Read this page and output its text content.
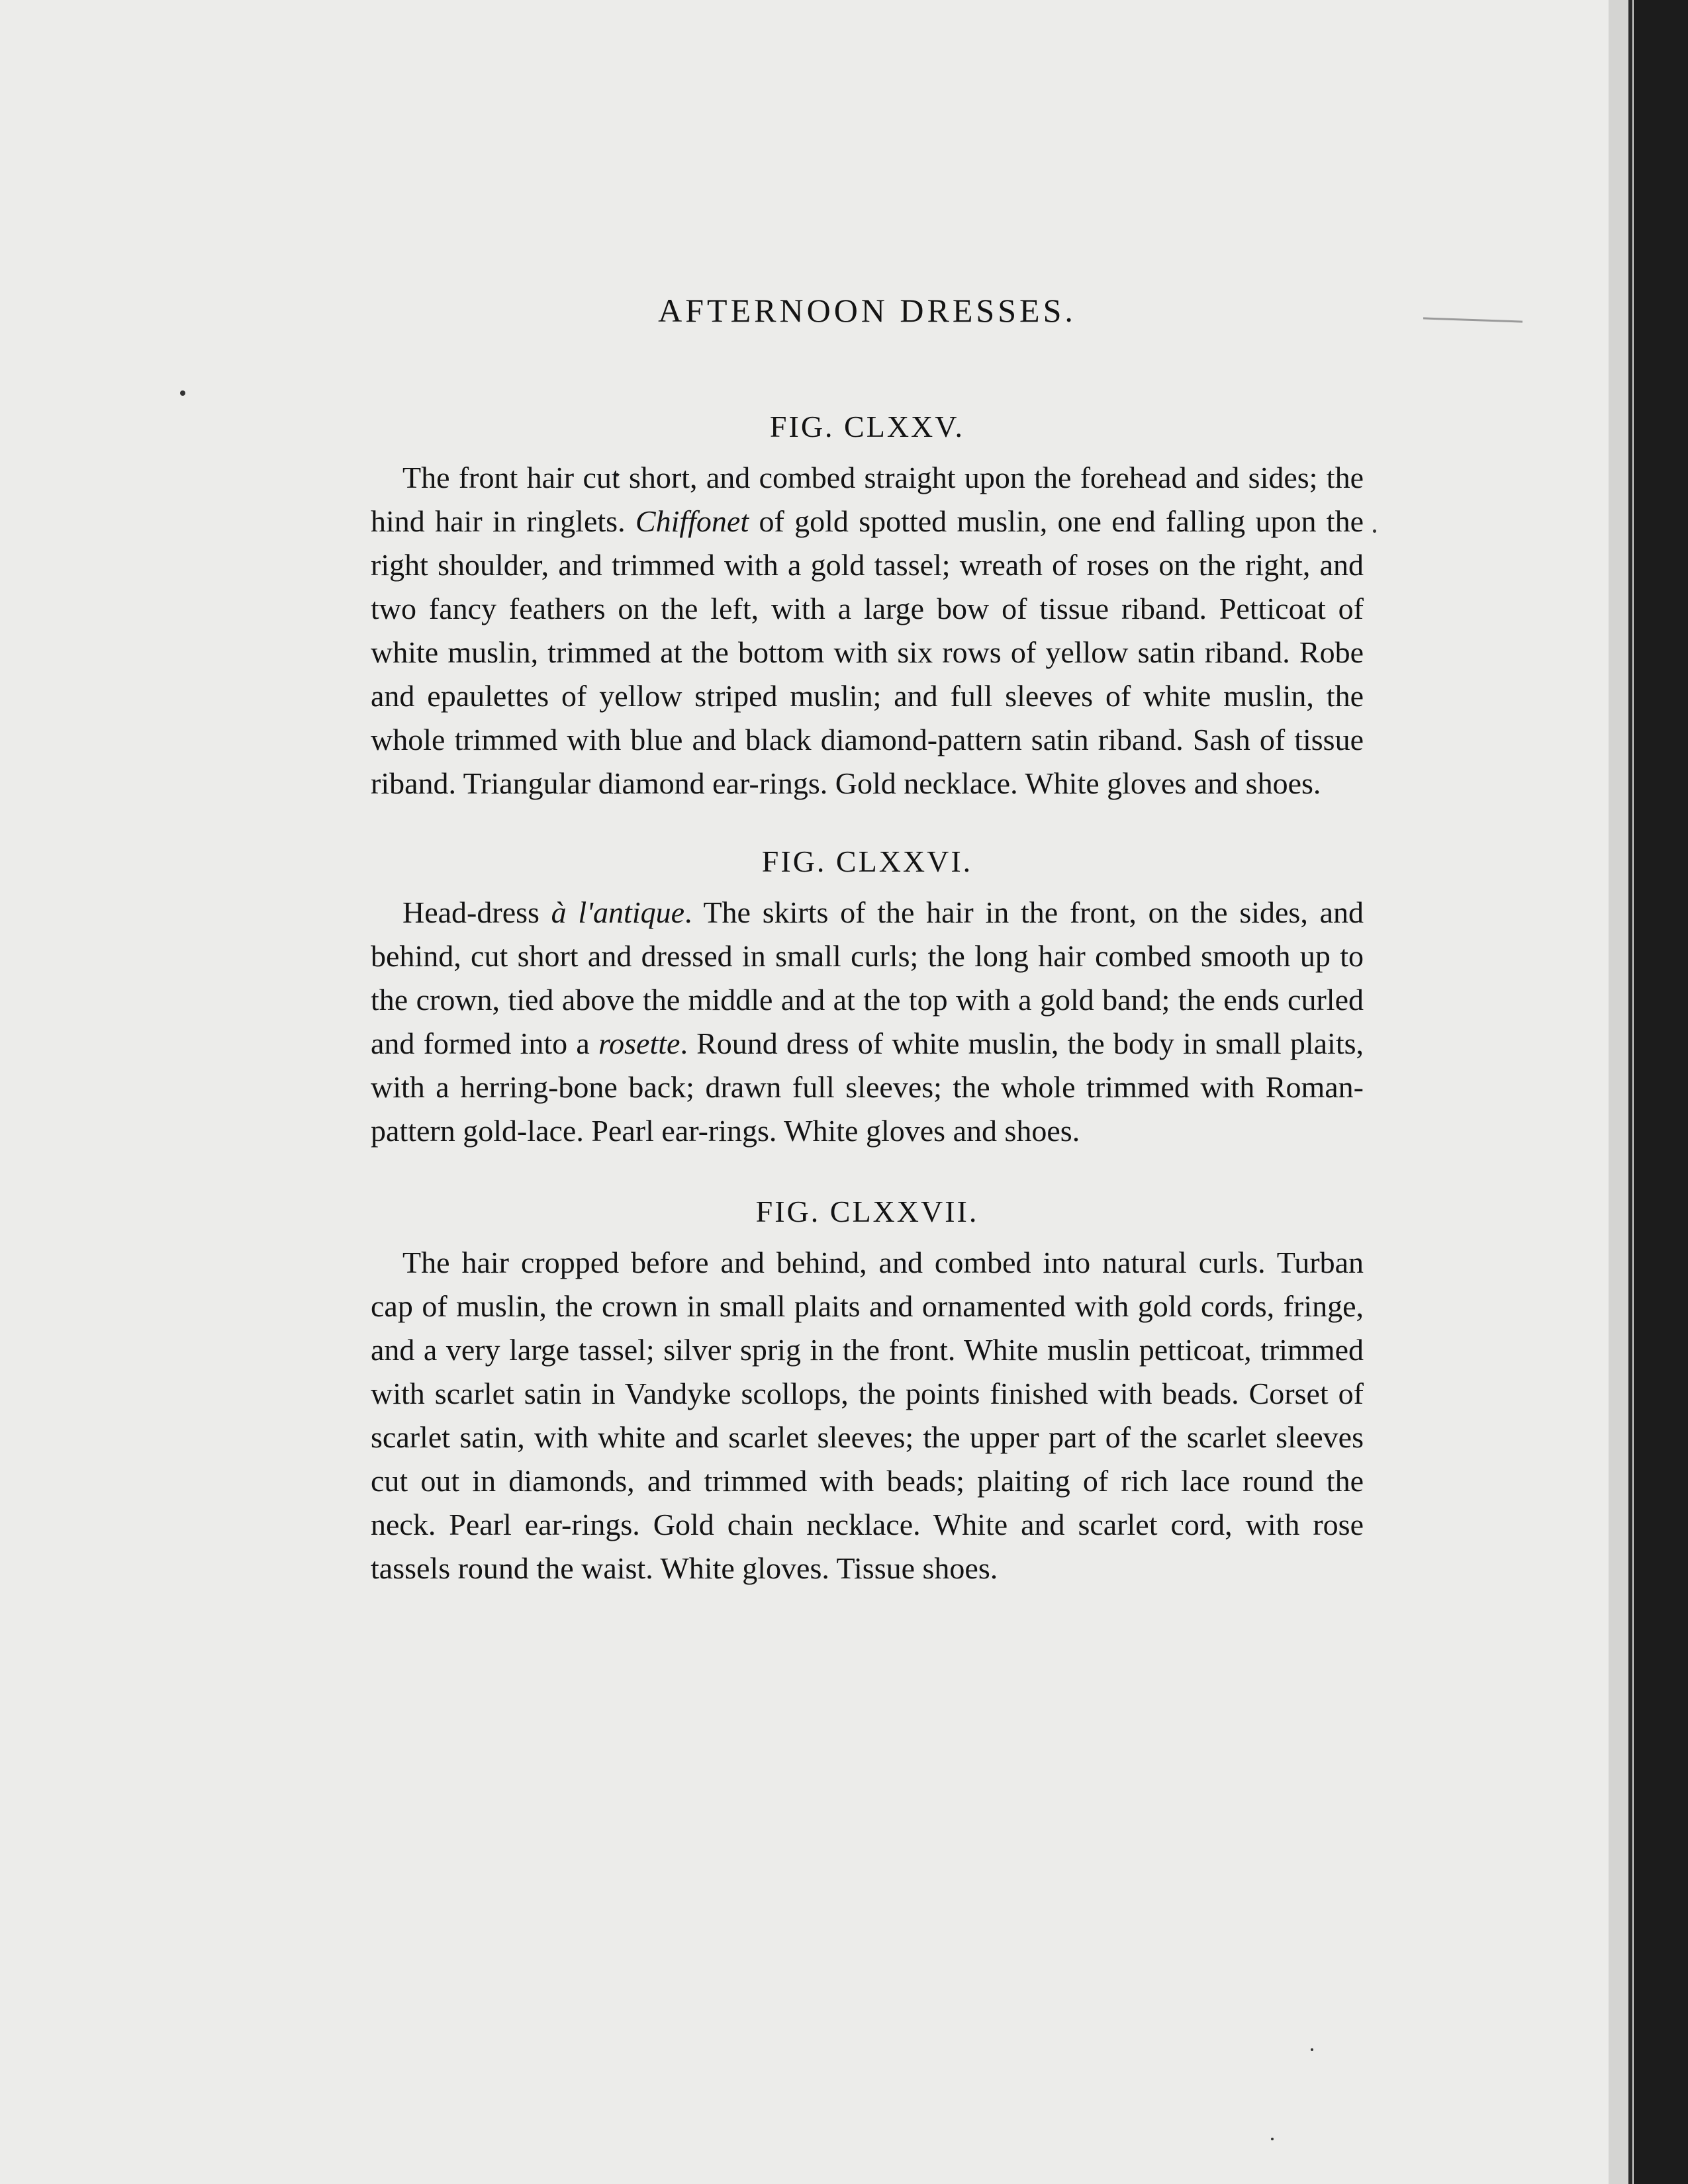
AFTERNOON DRESSES.
FIG. CLXXV.

The front hair cut short, and combed straight upon the forehead and sides; the hind hair in ringlets. Chiffonet of gold spotted muslin, one end falling upon the right shoulder, and trimmed with a gold tassel; wreath of roses on the right, and two fancy feathers on the left, with a large bow of tissue riband. Petticoat of white muslin, trimmed at the bottom with six rows of yellow satin riband. Robe and epaulettes of yellow striped muslin; and full sleeves of white muslin, the whole trimmed with blue and black diamond-pattern satin riband. Sash of tissue riband. Triangular diamond ear-rings. Gold necklace. White gloves and shoes.

FIG. CLXXVI.

Head-dress à l'antique. The skirts of the hair in the front, on the sides, and behind, cut short and dressed in small curls; the long hair combed smooth up to the crown, tied above the middle and at the top with a gold band; the ends curled and formed into a rosette. Round dress of white muslin, the body in small plaits, with a herring-bone back; drawn full sleeves; the whole trimmed with Roman-pattern gold-lace. Pearl ear-rings. White gloves and shoes.

FIG. CLXXVII.

The hair cropped before and behind, and combed into natural curls. Turban cap of muslin, the crown in small plaits and ornamented with gold cords, fringe, and a very large tassel; silver sprig in the front. White muslin petticoat, trimmed with scarlet satin in Vandyke scollops, the points finished with beads. Corset of scarlet satin, with white and scarlet sleeves; the upper part of the scarlet sleeves cut out in diamonds, and trimmed with beads; plaiting of rich lace round the neck. Pearl ear-rings. Gold chain necklace. White and scarlet cord, with rose tassels round the waist. White gloves. Tissue shoes.
